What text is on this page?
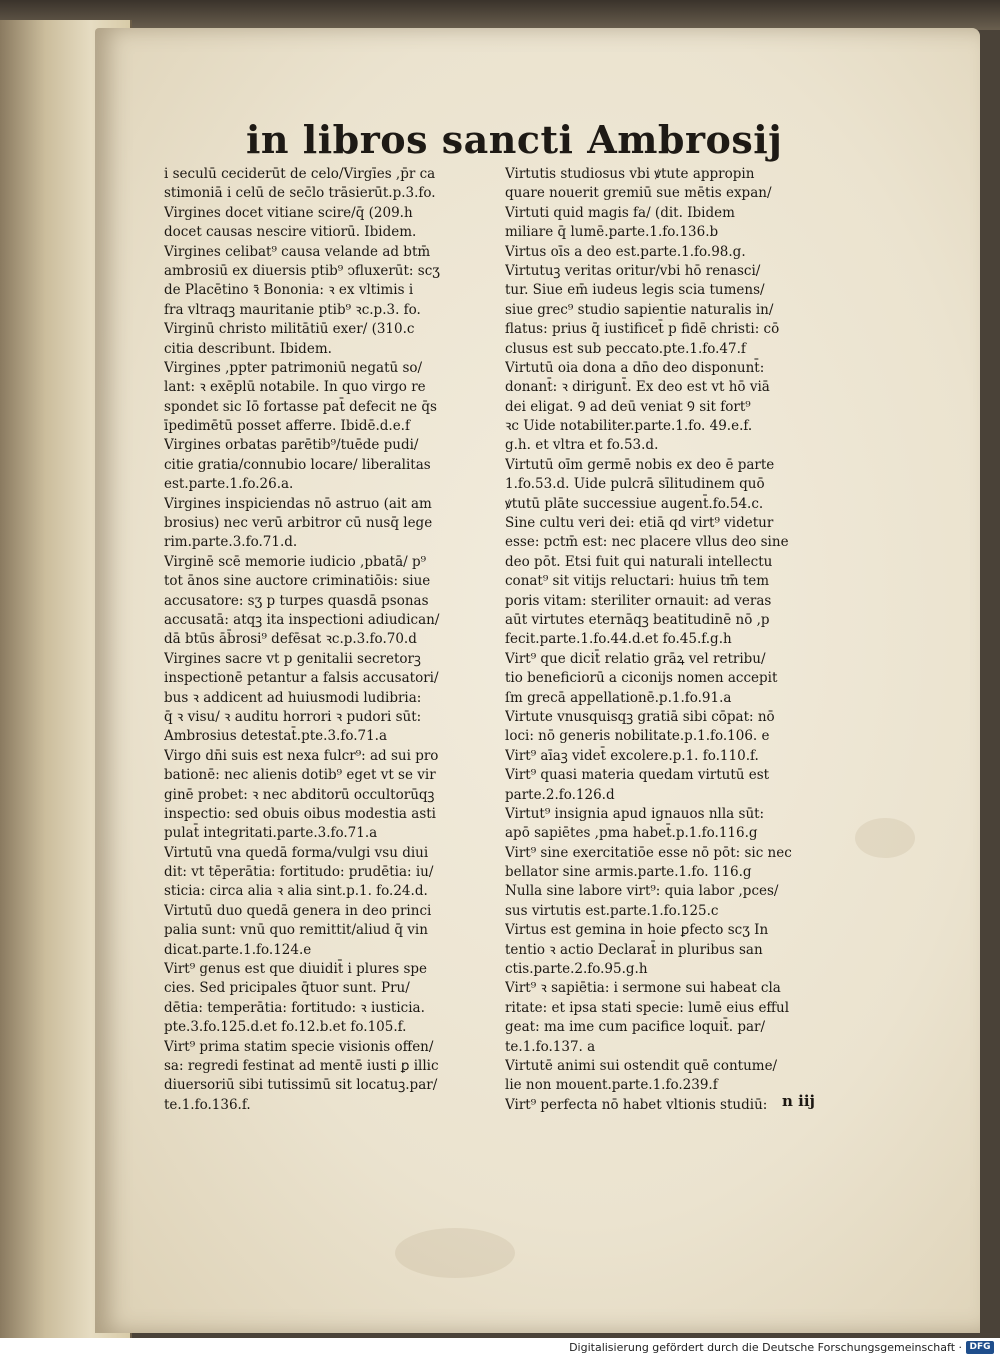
in libros sancti Ambrosij
i seculū ceciderūt de celo/Virgīes ,p̄r ca
stimoniā i celū de sec̄lo trāsierūt.p.3.fo.
Virgines docet vitiane scire/q̄ (209.h
docet causas nescire vitiorū. Ibidem.
Virgines celibat⁹ causa velande ad btm̄
ambrosiū ex diuersis ptib⁹ ↄfluxerūt: scʒ
de Placētino ꝛ̄ Bononia: ꝛ ex vltimis i
fra vltraqꝫ mauritanie ptib⁹ ꝛc.p.3. fo.
Virginū christo militātiū exer/ (310.c
citia describunt. Ibidem.
Virgines ,ppter patrimoniū negatū so/
lant: ꝛ exēplū notabile. In quo virgo re
spondet sic Iō fortasse pat̄ defecit ne q̄s
īpedimētū posset afferre. Ibidē.d.e.f
Virgines orbatas parētib⁹/tuēde pudi/
citie gratia/connubio locare/ liberalitas
est.parte.1.fo.26.a.
Virgines inspiciendas nō astruo (ait am
brosius) nec verū arbitror cū nusq̄ lege
rim.parte.3.fo.71.d.
Virginē scē memorie iudicio ,pbatā/ p⁹
tot ānos sine auctore criminatiōis: siue
accusatore: sʒ p turpes quasdā psonas
accusatā: atqꝫ ita inspectioni adiudican/
dā btūs āb̄rosi⁹ defēsat ꝛc.p.3.fo.70.d
Virgines sacre vt p genitalii secretorꝫ
inspectionē petantur a falsis accusatori/
bus ꝛ addicent ad huiusmodi ludibria:
q̄ ꝛ visu/ ꝛ auditu horrori ꝛ pudori sūt:
Ambrosius detestat̄.pte.3.fo.71.a
Virgo dn̄i suis est nexa fulcr⁹: ad sui pro
bationē: nec alienis dotib⁹ eget vt se vir
ginē probet: ꝛ nec abditorū occultorūqꝫ
inspectio: sed obuis oibus modestia asti
pulat̄ integritati.parte.3.fo.71.a
Virtutū vna quedā forma/vulgi vsu diui
dit: vt tēperātia: fortitudo: prudētia: iu/
sticia: circa alia ꝛ alia sint.p.1. fo.24.d.
Virtutū duo quedā genera in deo princi
palia sunt: vnū quo remittit/aliud q̄ vin
dicat.parte.1.fo.124.e
Virt⁹ genus est que diuidit̄ i plures spe
cies. Sed pricipales q̄tuor sunt. Pru/
dētia: temperātia: fortitudo: ꝛ iusticia.
pte.3.fo.125.d.et fo.12.b.et fo.105.f.
Virt⁹ prima statim specie visionis offen/
sa: regredi festinat ad mentē iusti ꝑ illic
diuersoriū sibi tutissimū sit locatuꝫ.par/
te.1.fo.136.f.
Virtutis studiosus vbi ꝟtute appropin
quare nouerit gremiū sue mētis expan/
Virtuti quid magis fa/ (dit. Ibidem
miliare q̄ lumē.parte.1.fo.136.b
Virtus oīs a deo est.parte.1.fo.98.g.
Virtutuꝫ veritas oritur/vbi hō renasci/
tur. Siue em̄ iudeus legis scia tumens/
siue grec⁹ studio sapientie naturalis in/
flatus: prius q̄ iustificet̄ p fidē christi: cō
clusus est sub peccato.pte.1.fo.47.f
Virtutū oia dona a dn̄o deo disponunt̄:
donant̄: ꝛ dirigunt̄. Ex deo est vt hō viā
dei eligat. Ꝯ ad deū veniat Ꝯ sit fort⁹
ꝛc Uide notabiliter.parte.1.fo. 49.e.f.
g.h. et vltra et fo.53.d.
Virtutū oīm germē nobis ex deo ē parte
1.fo.53.d. Uide pulcrā sīlitudinem quō
ꝟtutū plāte successiue augent̄.fo.54.c.
Sine cultu veri dei: etiā qd virt⁹ videtur
esse: pctm̄ est: nec placere vllus deo sine
deo pōt. Etsi fuit qui naturali intellectu
conat⁹ sit vitijs reluctari: huius tm̄ tem
poris vitam: steriliter ornauit: ad veras
aūt virtutes eternāqꝫ beatitudinē nō ,p
fecit.parte.1.fo.44.d.et fo.45.f.g.h
Virt⁹ que dicit̄ relatio grāꝝ vel retribu/
tio beneficiorū a ciconijs nomen accepit
ſm grecā appellationē.p.1.fo.91.a
Virtute vnusquisqꝫ gratiā sibi cōpat: nō
loci: nō generis nobilitate.p.1.fo.106. e
Virt⁹ aīaꝫ videt̄ excolere.p.1. fo.110.f.
Virt⁹ quasi materia quedam virtutū est
parte.2.fo.126.d
Virtut⁹ insignia apud ignauos nlla sūt:
apō sapiētes ,pma habet̄.p.1.fo.116.g
Virt⁹ sine exercitatiōe esse nō pōt: sic nec
bellator sine armis.parte.1.fo. 116.g
Nulla sine labore virt⁹: quia labor ,pces/
sus virtutis est.parte.1.fo.125.c
Virtus est gemina in hoie ꝑfecto scʒ In
tentio ꝛ actio Declarat̄ in pluribus san
ctis.parte.2.fo.95.g.h
Virt⁹ ꝛ sapiētia: i sermone sui habeat cla
ritate: et ipsa stati specie: lumē eius efful
geat: ma ime cum pacifice loquit̄. par/
te.1.fo.137. a
Virtutē animi sui ostendit quē contume/
lie non mouent.parte.1.fo.239.f
Virt⁹ perfecta nō habet vltionis studiū: n iij
Digitalisierung gefördert durch die Deutsche Forschungsgemeinschaft · DFG
